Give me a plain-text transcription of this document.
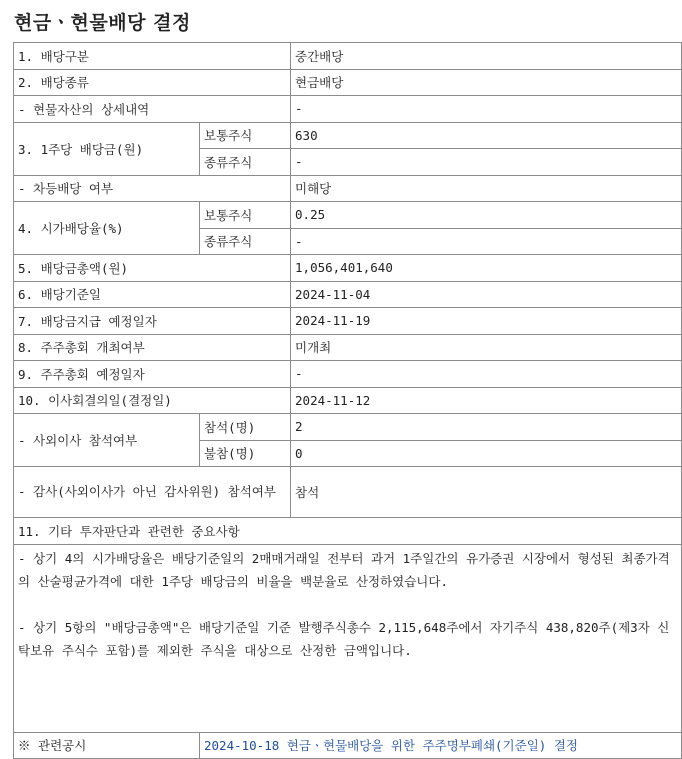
현금ㆍ현물배당 결정
1. 배당구분		중간배당
2. 배당종류		현금배당
- 현물자산의 상세내역		-
3. 1주당 배당금(원)	보통주식	630
	종류주식	-
- 차등배당 여부		미해당
4. 시가배당율(%)	보통주식	0.25
	종류주식	-
5. 배당금총액(원)		1,056,401,640
6. 배당기준일		2024-11-04
7. 배당금지급 예정일자		2024-11-19
8. 주주총회 개최여부		미개최
9. 주주총회 예정일자		-
10. 이사회결의일(결정일)		2024-11-12
- 사외이사 참석여부	참석(명)	2
	불참(명)	0
- 감사(사외이사가 아닌 감사위원) 참석여부		참석
11. 기타 투자판단과 관련한 중요사항		

- 상기 4의 시가배당율은 배당기준일의 2매매거래일 전부터 과거 1주일간의 유가증권 시장에서 형성된 최종가격의 산술평균가격에 대한 1주당 배당금의 비율을 백분율로 산정하였습니다.
- 상기 5항의 "배당금총액"은 배당기준일 기준 발행주식총수 2,115,648주에서 자기주식 438,820주(제3자 신탁보유 주식수 포함)를 제외한 주식을 대상으로 산정한 금액입니다.		

※ 관련공시	2024-10-18 현금ㆍ현물배당을 위한 주주명부폐쇄(기준일) 결정	
